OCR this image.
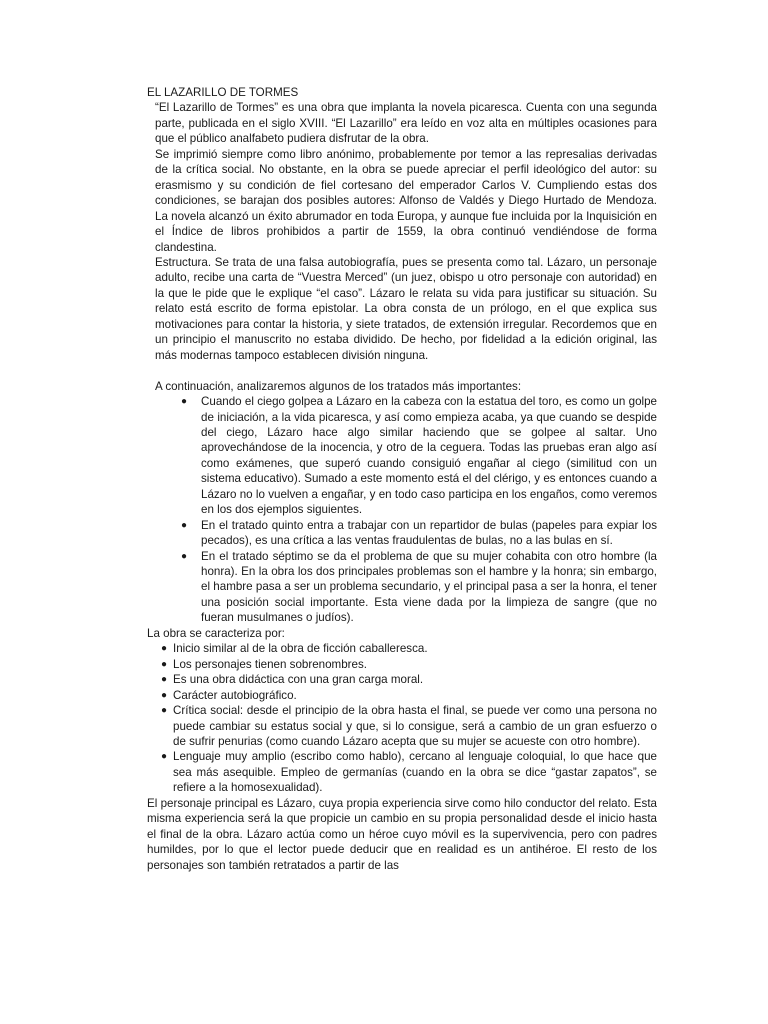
EL LAZARILLO DE TORMES

“El Lazarillo de Tormes” es una obra que implanta la novela picaresca. Cuenta con una segunda parte, publicada en el siglo XVIII. “El Lazarillo” era leído en voz alta en múltiples ocasiones para que el público analfabeto pudiera disfrutar de la obra.

Se imprimió siempre como libro anónimo, probablemente por temor a las represalias derivadas de la crítica social. No obstante, en la obra se puede apreciar el perfil ideológico del autor: su erasmismo y su condición de fiel cortesano del emperador Carlos V. Cumpliendo estas dos condiciones, se barajan dos posibles autores: Alfonso de Valdés y Diego Hurtado de Mendoza. La novela alcanzó un éxito abrumador en toda Europa, y aunque fue incluida por la Inquisición en el Índice de libros prohibidos a partir de 1559, la obra continuó vendiéndose de forma clandestina.

Estructura. Se trata de una falsa autobiografía, pues se presenta como tal. Lázaro, un personaje adulto, recibe una carta de “Vuestra Merced” (un juez, obispo u otro personaje con autoridad) en la que le pide que le explique “el caso”. Lázaro le relata su vida para justificar su situación. Su relato está escrito de forma epistolar. La obra consta de un prólogo, en el que explica sus motivaciones para contar la historia, y siete tratados, de extensión irregular. Recordemos que en un principio el manuscrito no estaba dividido. De hecho, por fidelidad a la edición original, las más modernas tampoco establecen división ninguna.

A continuación, analizaremos algunos de los tratados más importantes:

● Cuando el ciego golpea a Lázaro en la cabeza con la estatua del toro, es como un golpe de iniciación, a la vida picaresca, y así como empieza acaba, ya que cuando se despide del ciego, Lázaro hace algo similar haciendo que se golpee al saltar. Uno aprovechándose de la inocencia, y otro de la ceguera. Todas las pruebas eran algo así como exámenes, que superó cuando consiguió engañar al ciego (similitud con un sistema educativo). Sumado a este momento está el del clérigo, y es entonces cuando a Lázaro no lo vuelven a engañar, y en todo caso participa en los engaños, como veremos en los dos ejemplos siguientes.
● En el tratado quinto entra a trabajar con un repartidor de bulas (papeles para expiar los pecados), es una crítica a las ventas fraudulentas de bulas, no a las bulas en sí.
● En el tratado séptimo se da el problema de que su mujer cohabita con otro hombre (la honra). En la obra los dos principales problemas son el hambre y la honra; sin embargo, el hambre pasa a ser un problema secundario, y el principal pasa a ser la honra, el tener una posición social importante. Esta viene dada por la limpieza de sangre (que no fueran musulmanes o judíos).

La obra se caracteriza por:

● Inicio similar al de la obra de ficción caballeresca.
● Los personajes tienen sobrenombres.
● Es una obra didáctica con una gran carga moral.
● Carácter autobiográfico.
● Crítica social: desde el principio de la obra hasta el final, se puede ver como una persona no puede cambiar su estatus social y que, si lo consigue, será a cambio de un gran esfuerzo o de sufrir penurias (como cuando Lázaro acepta que su mujer se acueste con otro hombre).
● Lenguaje muy amplio (escribo como hablo), cercano al lenguaje coloquial, lo que hace que sea más asequible. Empleo de germanías (cuando en la obra se dice “gastar zapatos”, se refiere a la homosexualidad).

El personaje principal es Lázaro, cuya propia experiencia sirve como hilo conductor del relato. Esta misma experiencia será la que propicie un cambio en su propia personalidad desde el inicio hasta el final de la obra. Lázaro actúa como un héroe cuyo móvil es la supervivencia, pero con padres humildes, por lo que el lector puede deducir que en realidad es un antihéroe. El resto de los personajes son también retratados a partir de las
